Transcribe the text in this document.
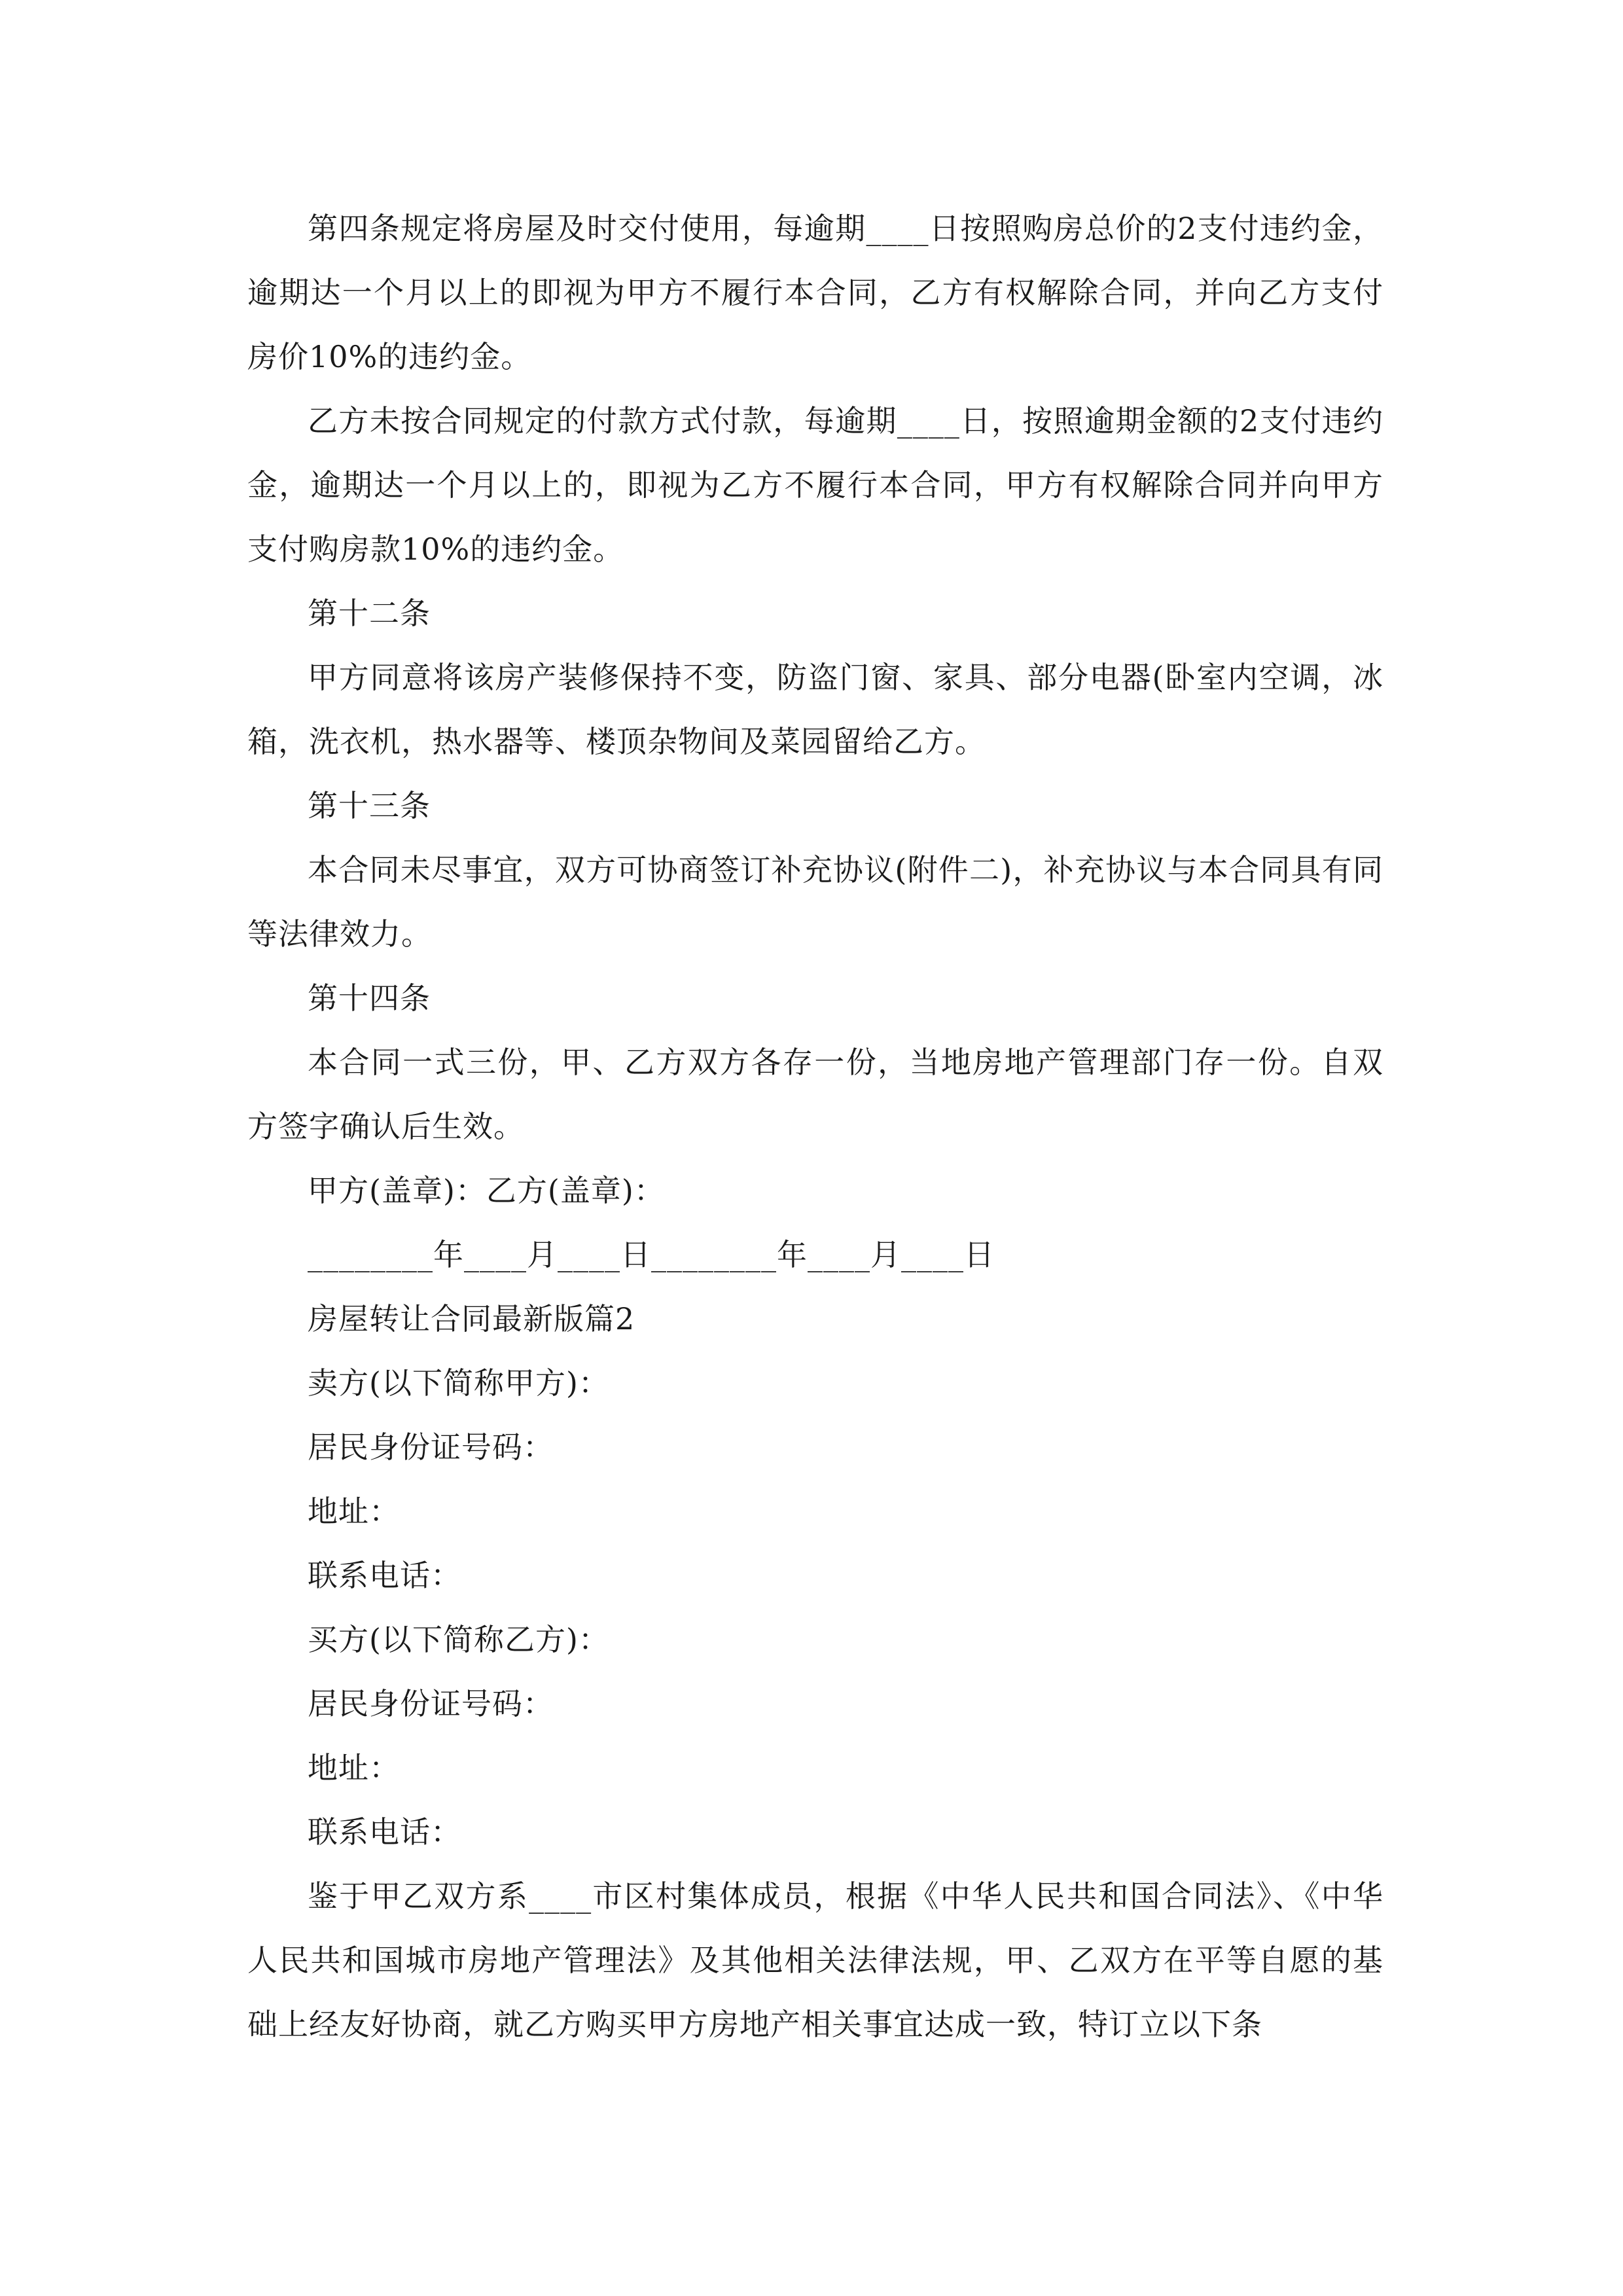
第四条规定将房屋及时交付使用，每逾期____日按照购房总价的2支付违约金，逾期达一个月以上的即视为甲方不履行本合同，乙方有权解除合同，并向乙方支付房价10%的违约金。

乙方未按合同规定的付款方式付款，每逾期____日，按照逾期金额的2支付违约金，逾期达一个月以上的，即视为乙方不履行本合同，甲方有权解除合同并向甲方支付购房款10%的违约金。

第十二条

甲方同意将该房产装修保持不变，防盗门窗、家具、部分电器(卧室内空调，冰箱，洗衣机，热水器等、楼顶杂物间及菜园留给乙方。

第十三条

本合同未尽事宜，双方可协商签订补充协议(附件二)，补充协议与本合同具有同等法律效力。

第十四条

本合同一式三份，甲、乙方双方各存一份，当地房地产管理部门存一份。自双方签字确认后生效。

甲方(盖章)：乙方(盖章)：

________年____月____日________年____月____日

房屋转让合同最新版篇2

卖方(以下简称甲方)：

居民身份证号码：

地址：

联系电话：

买方(以下简称乙方)：

居民身份证号码：

地址：

联系电话：

鉴于甲乙双方系____市区村集体成员，根据《中华人民共和国合同法》、《中华人民共和国城市房地产管理法》及其他相关法律法规，甲、乙双方在平等自愿的基础上经友好协商，就乙方购买甲方房地产相关事宜达成一致，特订立以下条
